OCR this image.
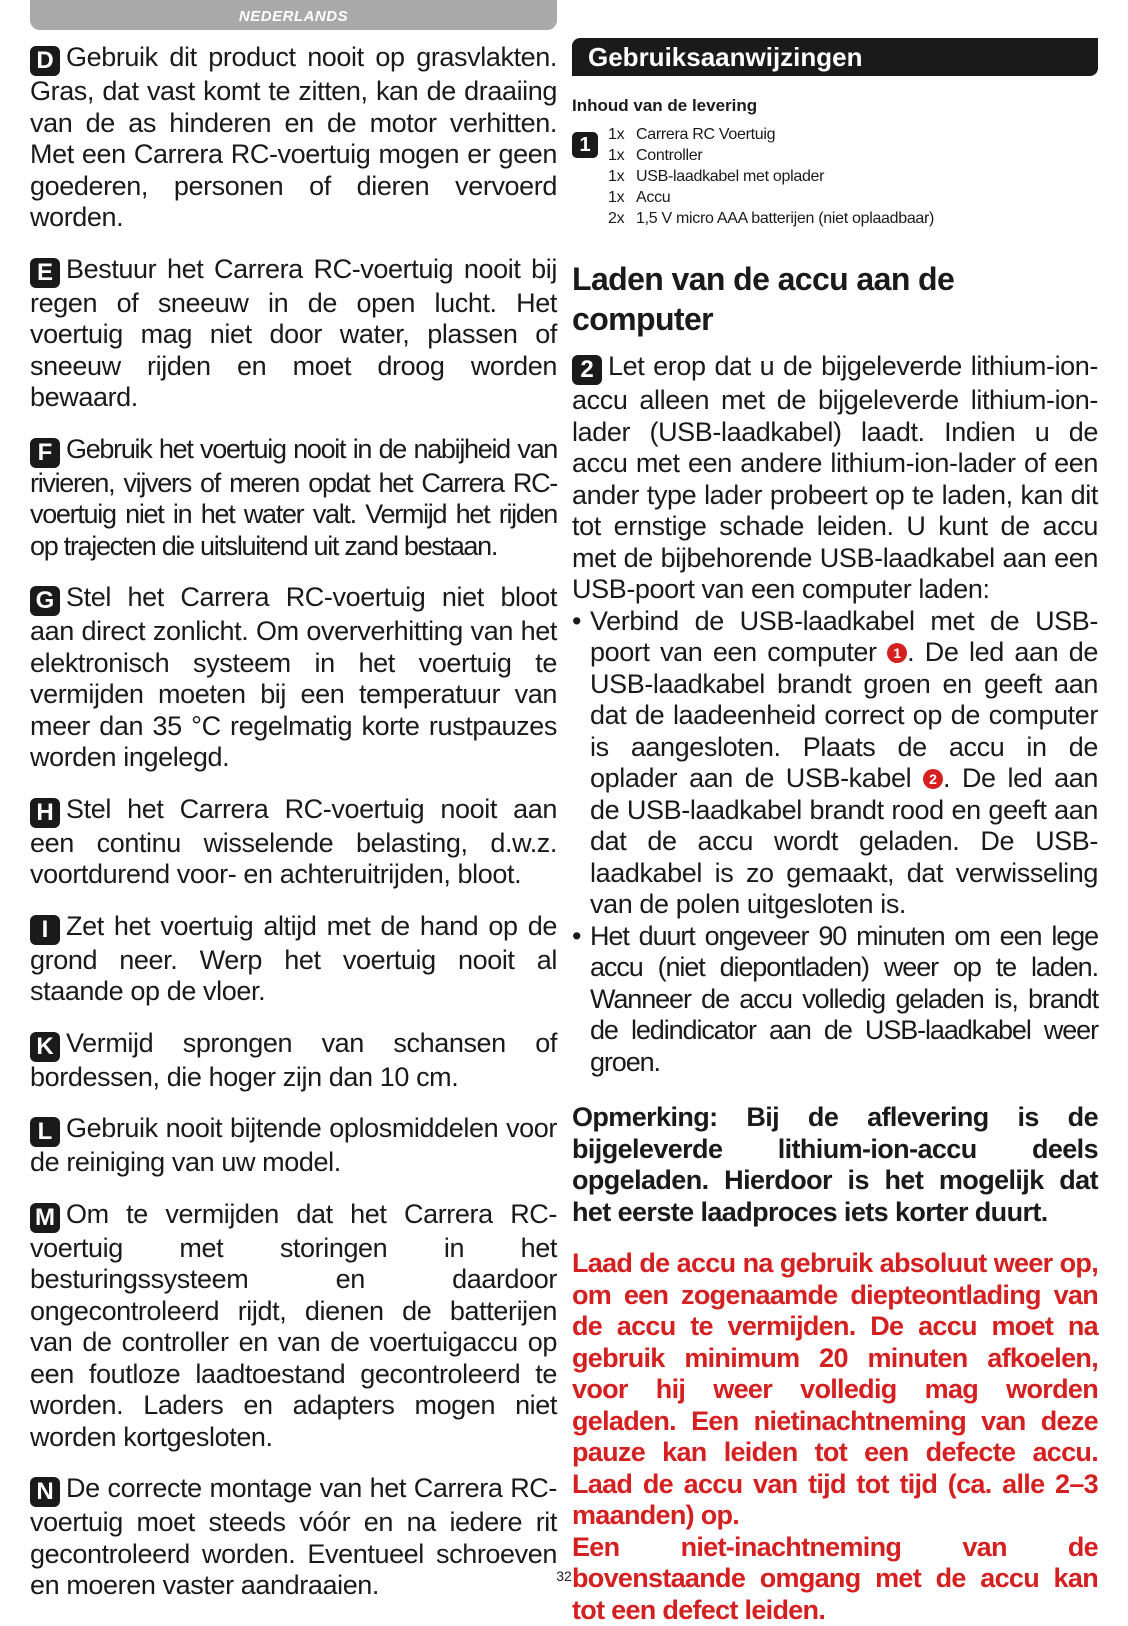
NEDERLANDS

D Gebruik dit product nooit op grasvlakten. Gras, dat vast komt te zitten, kan de draaiing van de as hinderen en de motor verhitten. Met een Carrera RC-voertuig mogen er geen goederen, personen of dieren vervoerd worden.

E Bestuur het Carrera RC-voertuig nooit bij regen of sneeuw in de open lucht. Het voertuig mag niet door water, plassen of sneeuw rijden en moet droog worden bewaard.

F Gebruik het voertuig nooit in de nabijheid van rivieren, vijvers of meren opdat het Carrera RC-voertuig niet in het water valt. Vermijd het rijden op trajecten die uitsluitend uit zand bestaan.

G Stel het Carrera RC-voertuig niet bloot aan direct zonlicht. Om oververhitting van het elektronisch systeem in het voertuig te vermijden moeten bij een temperatuur van meer dan 35 °C regelmatig korte rustpauzes worden ingelegd.

H Stel het Carrera RC-voertuig nooit aan een continu wisselende belasting, d.w.z. voortdurend voor- en achteruitrijden, bloot.

I Zet het voertuig altijd met de hand op de grond neer. Werp het voertuig nooit al staande op de vloer.

K Vermijd sprongen van schansen of bordessen, die hoger zijn dan 10 cm.

L Gebruik nooit bijtende oplosmiddelen voor de reiniging van uw model.

M Om te vermijden dat het Carrera RC-voertuig met storingen in het besturingssysteem en daardoor ongecontroleerd rijdt, dienen de batterijen van de controller en van de voertuigaccu op een foutloze laadtoestand gecontroleerd te worden. Laders en adapters mogen niet worden kortgesloten.

N De correcte montage van het Carrera RC-voertuig moet steeds vóór en na iedere rit gecontroleerd worden. Eventueel schroeven en moeren vaster aandraaien.

Gebruiksaanwijzingen
Inhoud van de levering
1	1x Carrera RC Voertuig
1x Controller
1x USB-laadkabel met oplader
1x Accu
2x 1,5 V micro AAA batterijen (niet oplaadbaar)
Laden van de accu aan de computer

2 Let erop dat u de bijgeleverde lithium-ion-accu alleen met de bijgeleverde lithium-ion-lader (USB-laadkabel) laadt. Indien u de accu met een andere lithium-ion-lader of een ander type lader probeert op te laden, kan dit tot ernstige schade leiden. U kunt de accu met de bijbehorende USB-laadkabel aan een USB-poort van een computer laden:

• Verbind de USB-laadkabel met de USB-poort van een computer 1 . De led aan de USB-laadkabel brandt groen en geeft aan dat de laadeenheid correct op de computer is aangesloten. Plaats de accu in de oplader aan de USB-kabel 2 . De led aan de USB-laadkabel brandt rood en geeft aan dat de accu wordt geladen. De USB-laadkabel is zo gemaakt, dat verwisseling van de polen uitgesloten is.
• Het duurt ongeveer 90 minuten om een lege accu (niet diepontladen) weer op te laden. Wanneer de accu volledig geladen is, brandt de ledindicator aan de USB-laadkabel weer groen.

Opmerking: Bij de aflevering is de bijgeleverde lithium-ion-accu deels opgeladen. Hierdoor is het mogelijk dat het eerste laadproces iets korter duurt.

Laad de accu na gebruik absoluut weer op, om een zogenaamde diepteontlading van de accu te vermijden. De accu moet na gebruik minimum 20 minuten afkoelen, voor hij weer volledig mag worden geladen. Een nietinachtneming van deze pauze kan leiden tot een defecte accu. Laad de accu van tijd tot tijd (ca. alle 2–3 maanden) op.

Een niet-inachtneming van de bovenstaande omgang met de accu kan tot een defect leiden.

32
